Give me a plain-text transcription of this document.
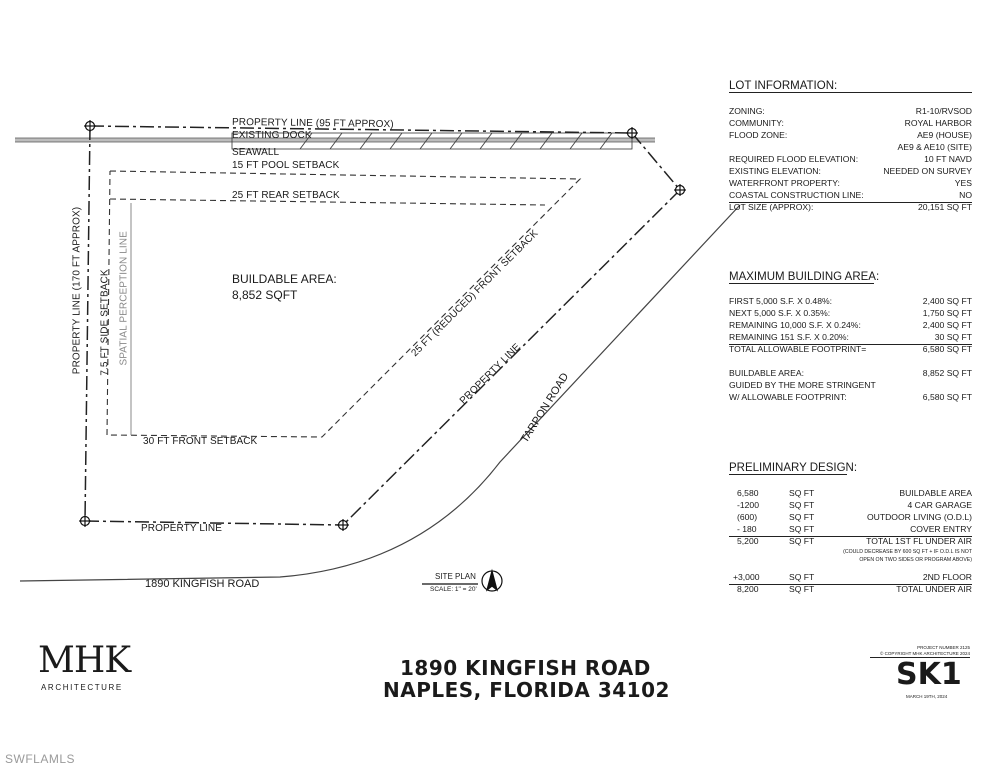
PROPERTY LINE (95 FT APPROX)
EXISTING DOCK
SEAWALL
15 FT POOL SETBACK
25 FT REAR SETBACK
BUILDABLE AREA:
8,852 SQFT
PROPERTY LINE (170 FT APPROX) 7.5 FT SIDE SETBACK SPATIAL PERCEPTION LINE	25 FT (REDUCED) FRONT SETBACK
PROPERTY LINE
30 FT FRONT SETBACK
PROPERTY LINE
TARPON ROAD
1890 KINGFISH ROAD
SITE PLAN
SCALE: 1" = 20'
LOT INFORMATION:
ZONING:	R1-10/RVSOD
COMMUNITY:	ROYAL HARBOR
FLOOD ZONE:	AE9 (HOUSE)
AE9 & AE10 (SITE)
REQUIRED FLOOD ELEVATION:	10 FT NAVD
EXISTING ELEVATION:	NEEDED ON SURVEY
WATERFRONT PROPERTY:	YES
COASTAL CONSTRUCTION LINE:	NO
LOT SIZE (APPROX):	20,151 SQ FT
MAXIMUM BUILDING AREA:
FIRST 5,000 S.F. X 0.48%:	2,400 SQ FT
NEXT 5,000 S.F. X 0.35%:	1,750 SQ FT
REMAINING 10,000 S.F. X 0.24%:	2,400 SQ FT
REMAINING 151 S.F. X 0.20%:	30 SQ FT
TOTAL ALLOWABLE FOOTPRINT=	6,580 SQ FT
BUILDABLE AREA:	8,852 SQ FT
GUIDED BY THE MORE STRINGENT
W/ ALLOWABLE FOOTPRINT:	6,580 SQ FT
PRELIMINARY DESIGN:
6,580	SQ FT	BUILDABLE AREA
-1200	SQ FT	4 CAR GARAGE
(600)	SQ FT	OUTDOOR LIVING (O.D.L)
- 180	SQ FT	COVER ENTRY
5,200	SQ FT	TOTAL 1ST FL UNDER AIR
(COULD DECREASE BY 600 SQ FT + IF O.D.L IS NOT
OPEN ON TWO SIDES OR PROGRAM ABOVE)
+3,000	SQ FT	2ND FLOOR
8,200	SQ FT	TOTAL UNDER AIR
MHK
ARCHITECTURE
1890 KINGFISH ROAD
NAPLES, FLORIDA 34102
PROJECT NUMBER 2125
© COPYRIGHT MHK ARCHITECTURE 2024
SK1
MARCH 19TH, 2024
SWFLAMLS
